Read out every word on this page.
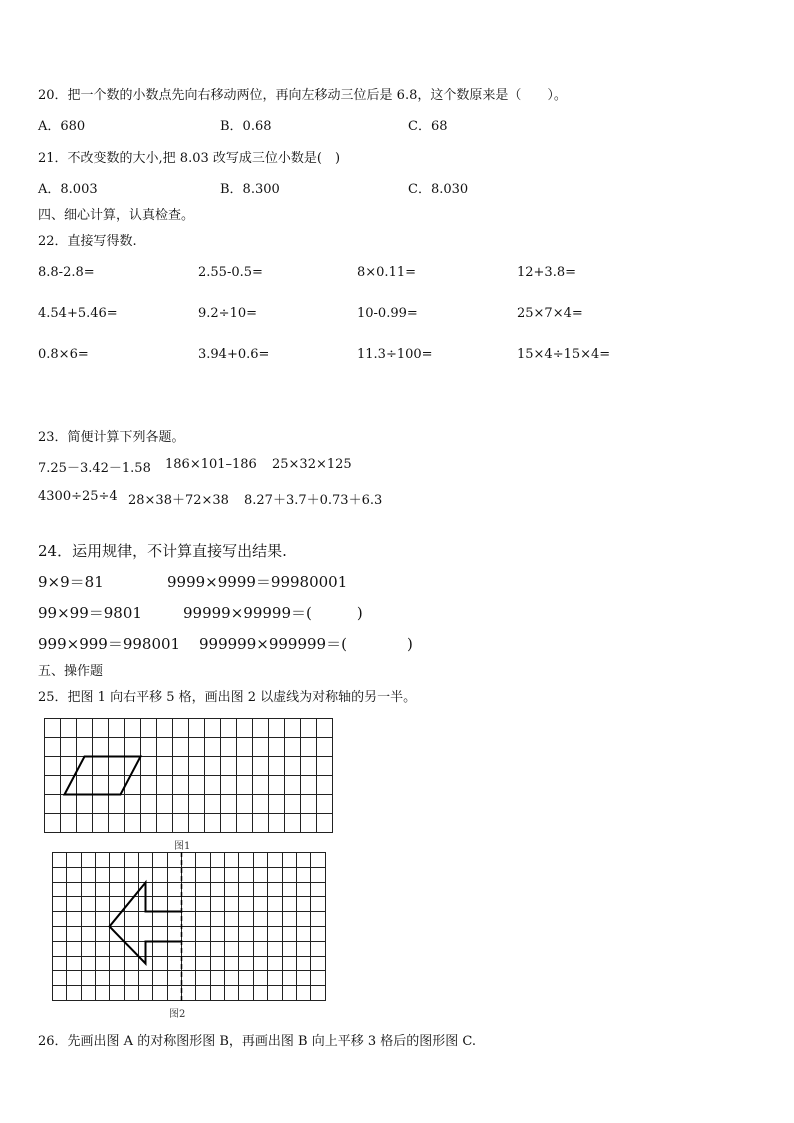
20．把一个数的小数点先向右移动两位，再向左移动三位后是 6.8，这个数原来是（　　）。
A．680	B．0.68	C．68
21．不改变数的大小,把 8.03 改写成三位小数是(　)
A．8.003	B．8.300	C．8.030
四、细心计算，认真检查。
22．直接写得数.
8.8-2.8=	2.55-0.5=	8×0.11=	12+3.8=
4.54+5.46=	9.2÷10=	10-0.99=	25×7×4=
0.8×6=	3.94+0.6=	11.3÷100=	15×4÷15×4=
23．简便计算下列各题。
7.25－3.42－1.58 186×101–186 25×32×125
4300÷25÷4 28×38＋72×38 8.27＋3.7＋0.73＋6.3
24．运用规律，不计算直接写出结果.
9×9＝81	9999×9999＝99980001
99×99＝9801	99999×99999＝(　　　)
999×999＝998001 999999×999999＝(　　　　)
五、操作题
25．把图 1 向右平移 5 格，画出图 2 以虚线为对称轴的另一半。
图1
图2
26．先画出图 A 的对称图形图 B，再画出图 B 向上平移 3 格后的图形图 C.
